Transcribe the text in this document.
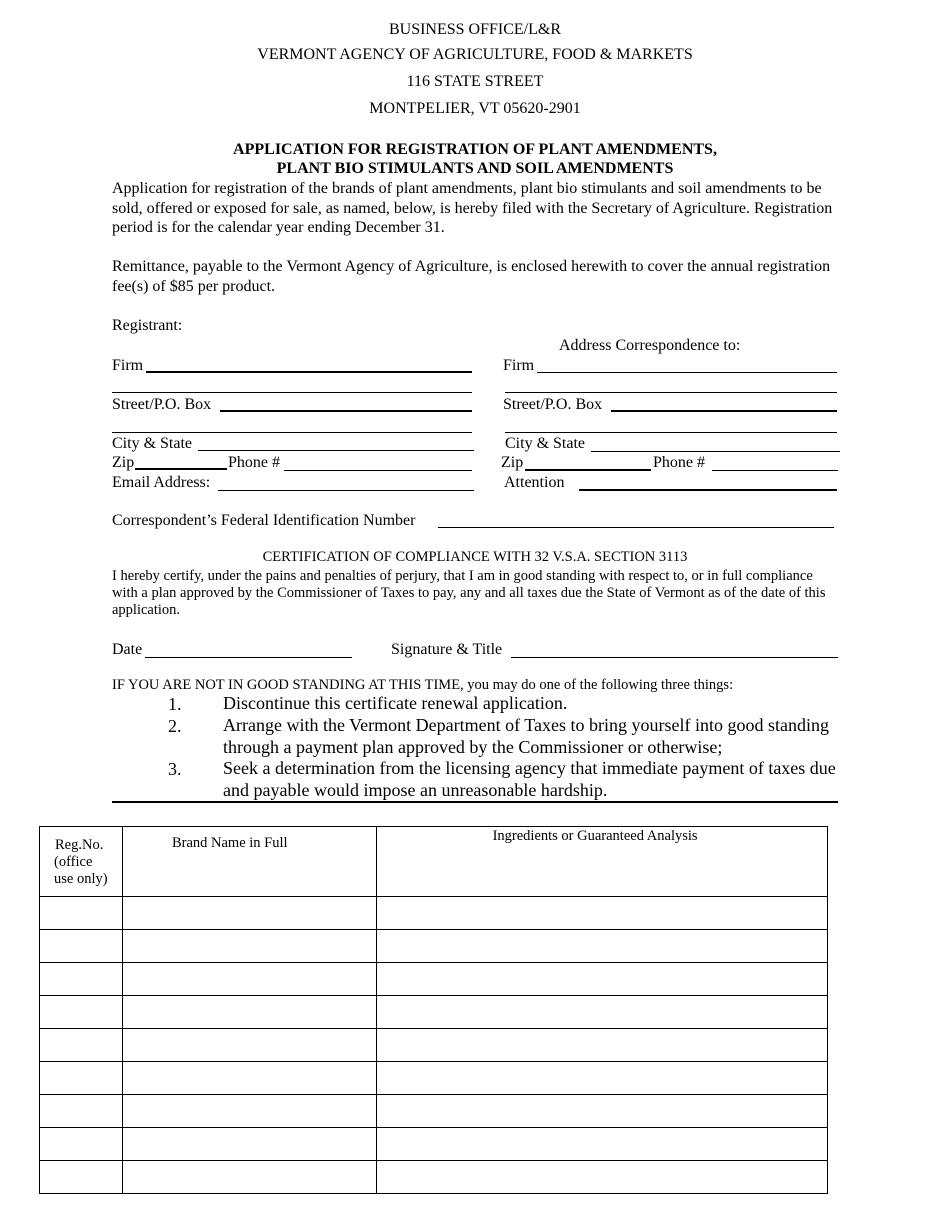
BUSINESS OFFICE/L&R
VERMONT AGENCY OF AGRICULTURE, FOOD & MARKETS
116 STATE STREET
MONTPELIER, VT 05620-2901
APPLICATION FOR REGISTRATION OF PLANT AMENDMENTS,
PLANT BIO STIMULANTS AND SOIL AMENDMENTS
Application for registration of the brands of plant amendments, plant bio stimulants and soil amendments to be sold, offered or exposed for sale, as named, below, is hereby filed with the Secretary of Agriculture. Registration period is for the calendar year ending December 31.
Remittance, payable to the Vermont Agency of Agriculture, is enclosed herewith to cover the annual registration fee(s) of $85 per product.
Registrant:
Firm
Street/P.O. Box
City & State
Zip	Phone #
Email Address:
Address Correspondence to:
Firm
Street/P.O. Box
City & State
Zip	Phone #
Attention
Correspondent’s Federal Identification Number
CERTIFICATION OF COMPLIANCE WITH 32 V.S.A. SECTION 3113
I hereby certify, under the pains and penalties of perjury, that I am in good standing with respect to, or in full compliance with a plan approved by the Commissioner of Taxes to pay, any and all taxes due the State of Vermont as of the date of this application.
Date	Signature & Title
IF YOU ARE NOT IN GOOD STANDING AT THIS TIME, you may do one of the following three things:
1. Discontinue this certificate renewal application.
2. Arrange with the Vermont Department of Taxes to bring yourself into good standing through a payment plan approved by the Commissioner or otherwise;
3. Seek a determination from the licensing agency that immediate payment of taxes due and payable would impose an unreasonable hardship.
Reg.No.
(office
use only)	Brand Name in Full	Ingredients or Guaranteed Analysis
